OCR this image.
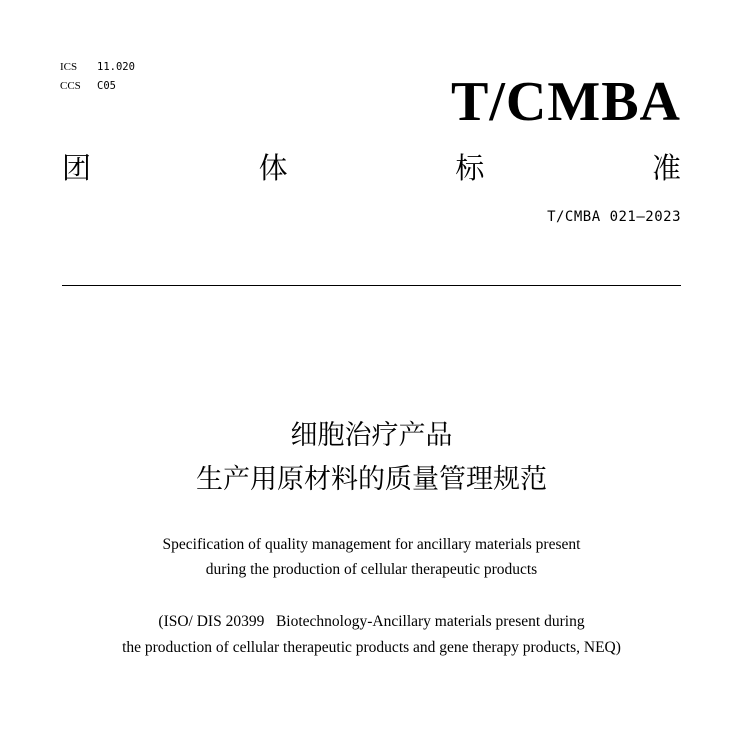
ICS	11.020
CCS	C05	T/CMBA
团	体	标	准
T/CMBA 021—2023
细胞治疗产品
生产用原材料的质量管理规范
Specification of quality management for ancillary materials present
during the production of cellular therapeutic products
(ISO/ DIS 20399   Biotechnology-Ancillary materials present during
the production of cellular therapeutic products and gene therapy products, NEQ)
